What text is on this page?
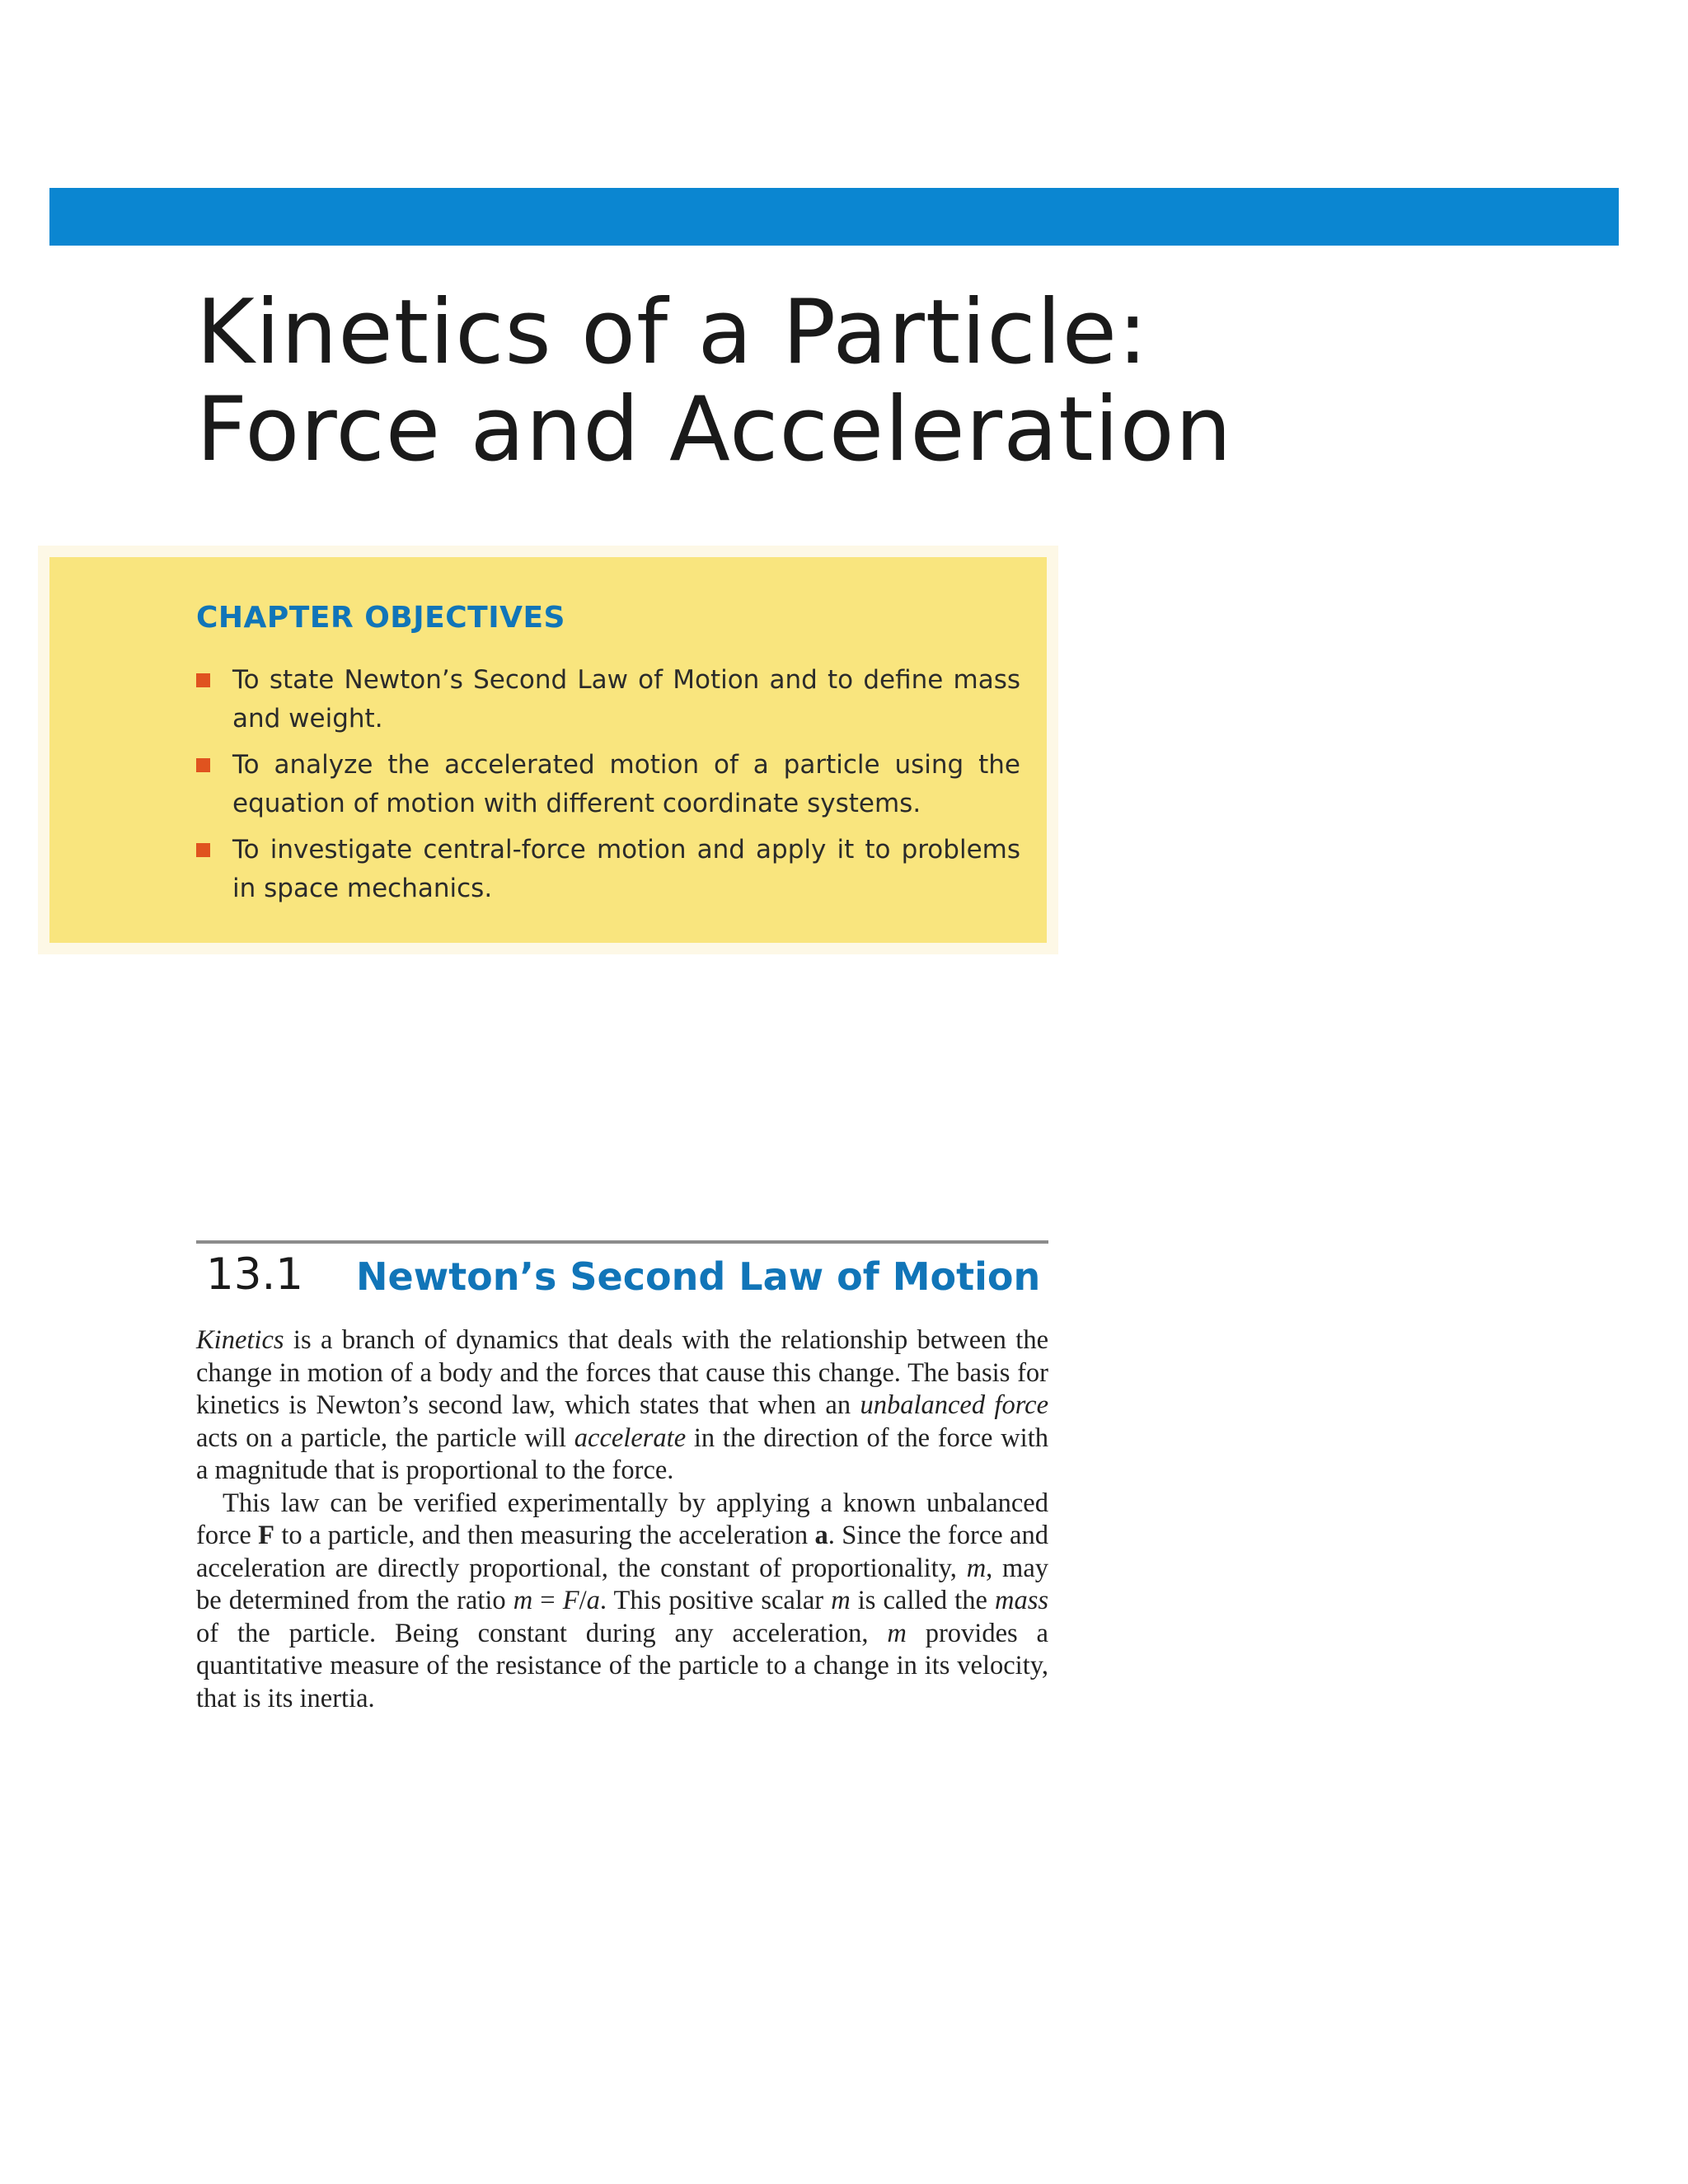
Kinetics of a Particle:
Force and Acceleration
CHAPTER OBJECTIVES
To state Newton’s Second Law of Motion and to define mass and weight.
To analyze the accelerated motion of a particle using the equation of motion with different coordinate systems.
To investigate central-force motion and apply it to problems in space mechanics.
13.1 Newton’s Second Law of Motion

Kinetics is a branch of dynamics that deals with the relationship between the change in motion of a body and the forces that cause this change. The basis for kinetics is Newton’s second law, which states that when an unbalanced force acts on a particle, the particle will accelerate in the direction of the force with a magnitude that is proportional to the force.

This law can be verified experimentally by applying a known unbalanced force F to a particle, and then measuring the acceleration a. Since the force and acceleration are directly proportional, the constant of proportionality, m, may be determined from the ratio m = F/a. This positive scalar m is called the mass of the particle. Being constant during any acceleration, m provides a quantitative measure of the resistance of the particle to a change in its velocity, that is its inertia.
